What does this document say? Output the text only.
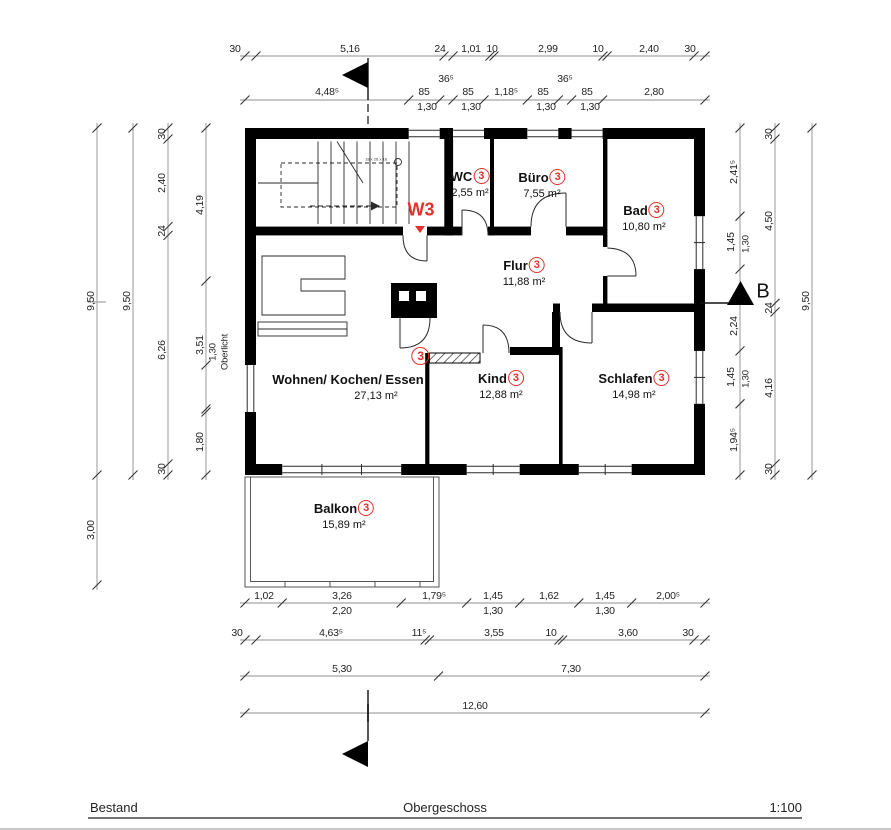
30	5,16	24 1,01 10	2,99	10	2,40 30
4,48⁵	85	85 1,18⁵ 85	85	2,80
36⁵	36⁵
1,30 1,30	1,30 1,30
9,50
3,00
9,50
30
2,40
24
6,26
30
4,19
3,51
1,80
1,30 Oberlicht
2,41⁵
1,45 1,30
2,24
1,45 1,30
1,94⁵
30
4,50
24
4,16
30
9,50
1,02	3,26	1,79⁵	1,45	1,62	1,45	2,00⁵
2,20	1,30	1,30
30	4,63⁵	11⁵	3,55	10	3,60	30
5,30	7,30
12,60
WC 3
2,55 m²
Büro 3
7,55 m²
Bad 3
10,80 m²
Flur 3
11,88 m²
Wohnen/ Kochen/ Essen
3
27,13 m²
Kind 3
12,88 m²
Schlafen 3
14,98 m²
Balkon 3
15,89 m²
W3
B
18 x 26 x 18
Bestand	Obergeschoss	1:100
